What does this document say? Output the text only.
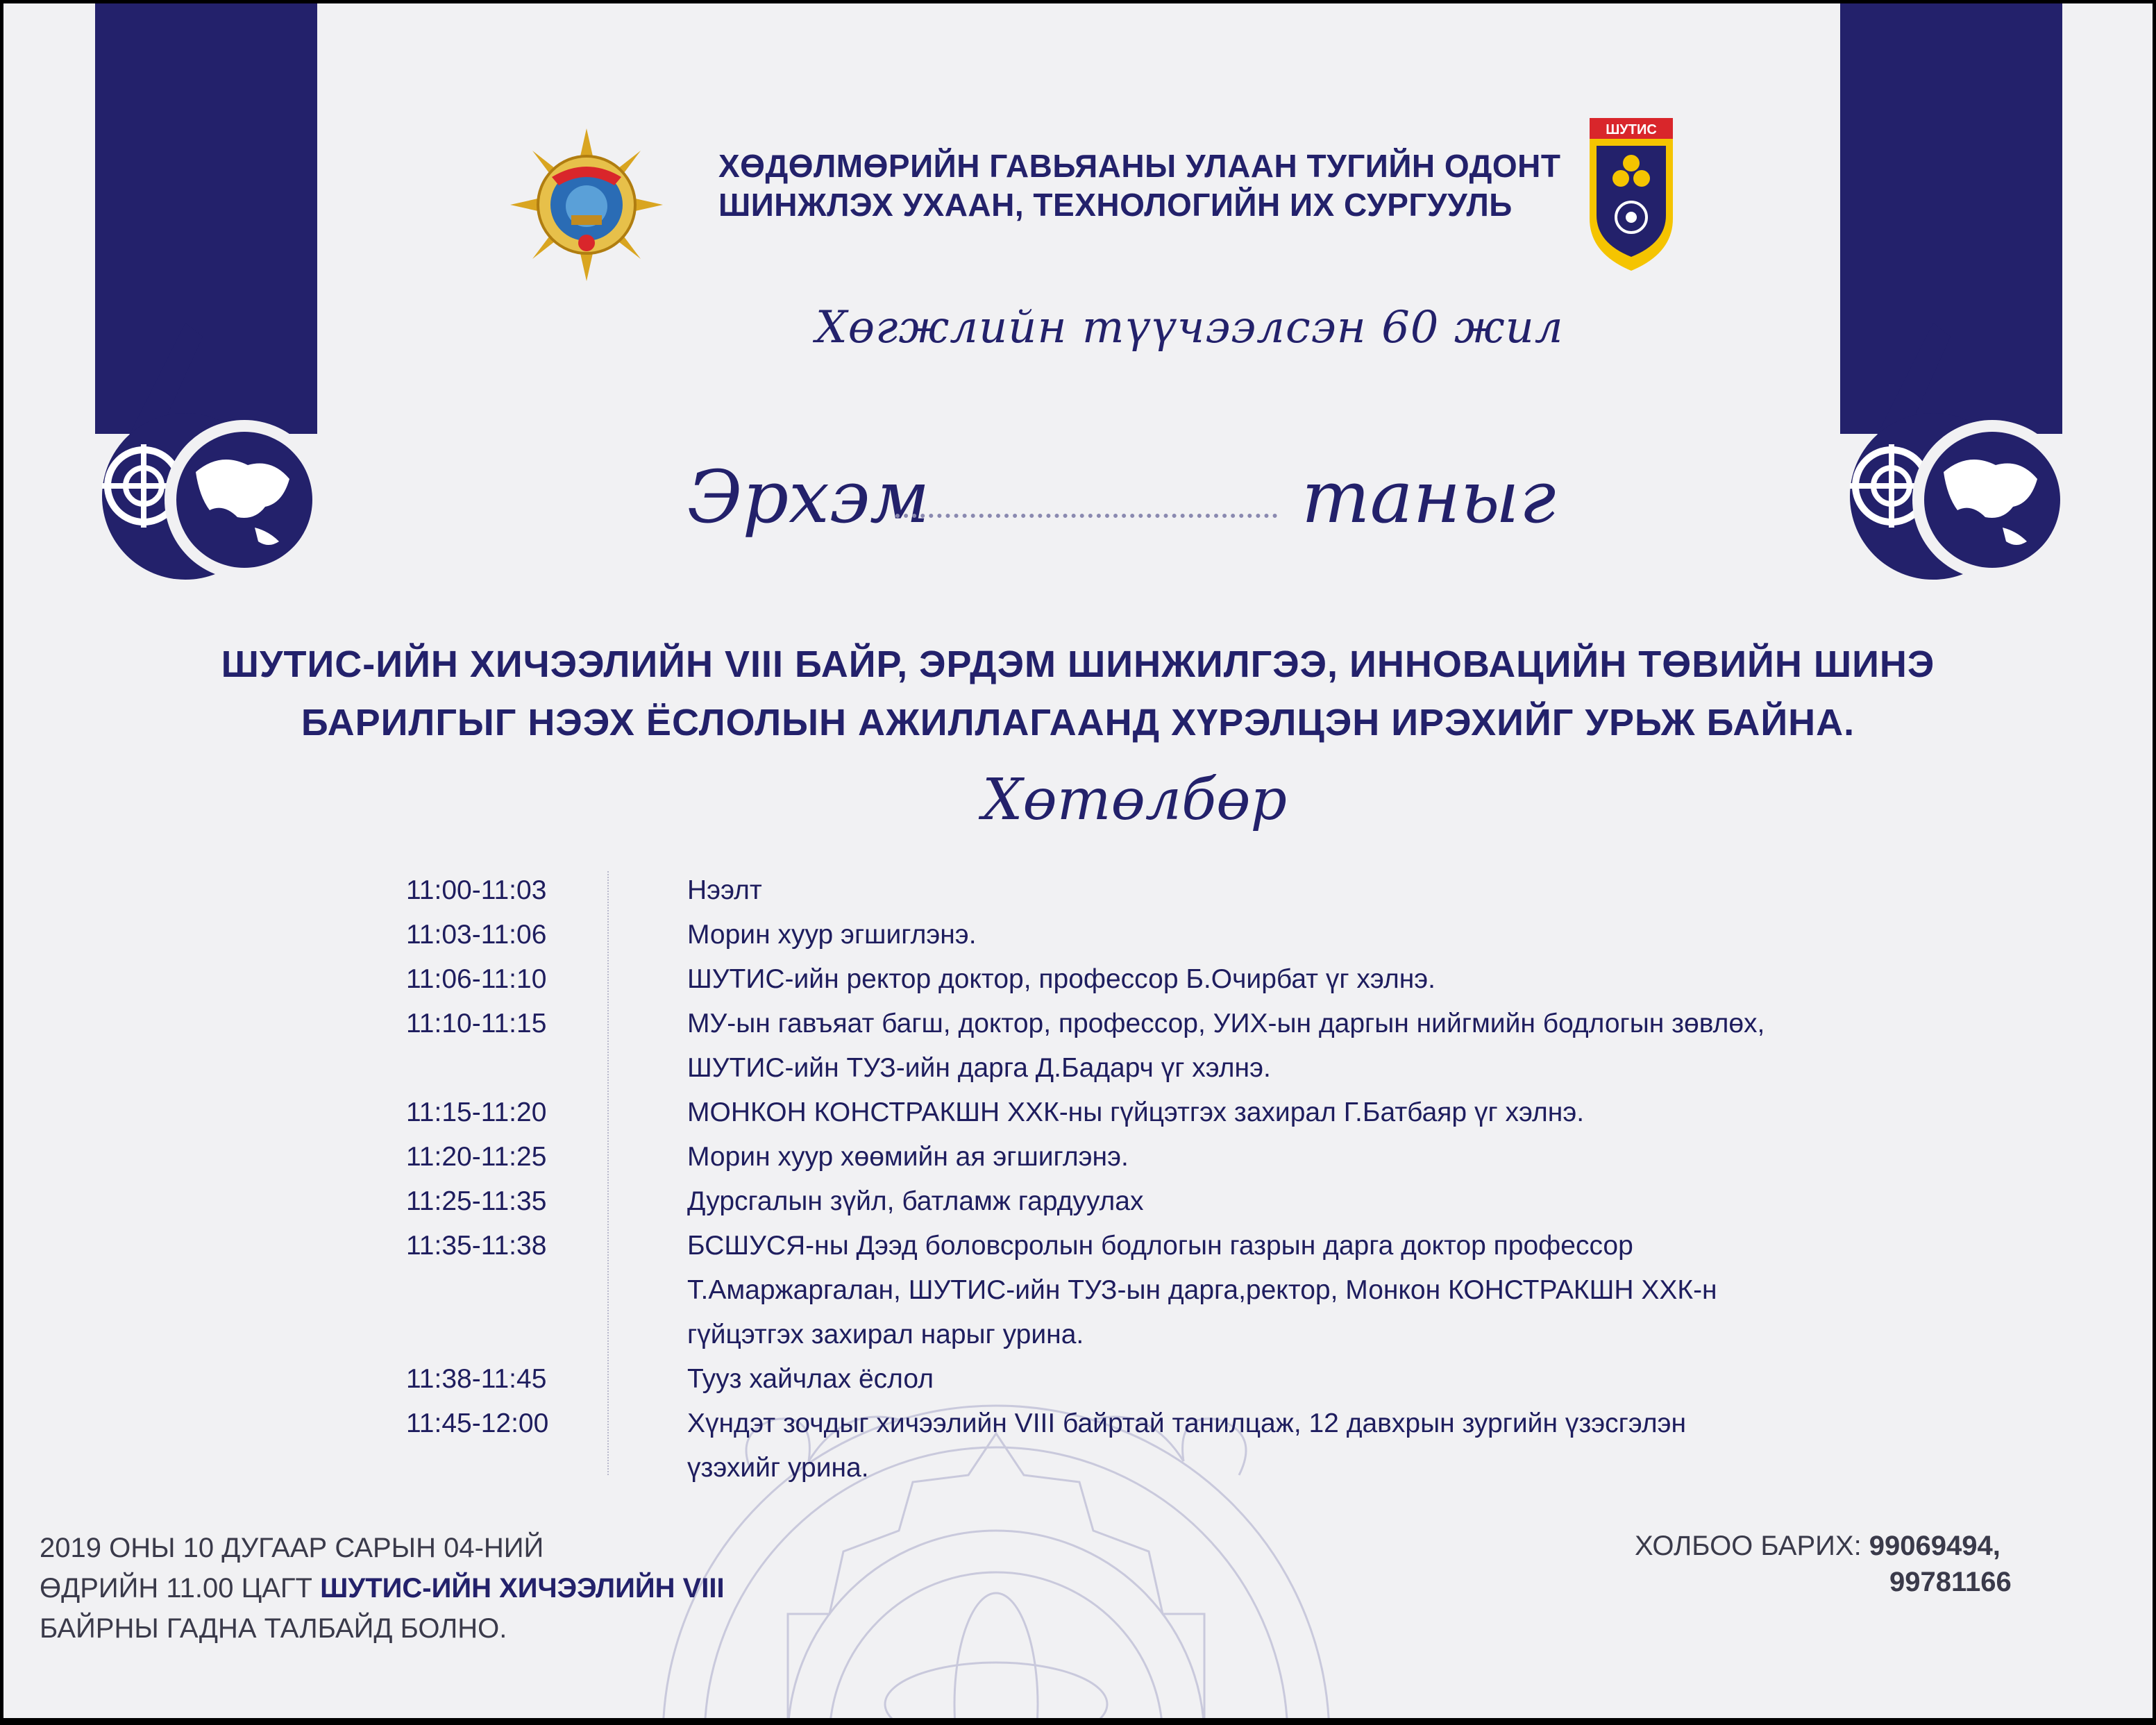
ХӨДӨЛМӨРИЙН ГАВЬЯАНЫ УЛААН ТУГИЙН ОДОНТ
ШИНЖЛЭХ УХААН, ТЕХНОЛОГИЙН ИХ СУРГУУЛЬ
ШУТИС
Хөгжлийн түүчээлсэн 60 жил
Эрхэм	таныг
ШУТИС-ИЙН ХИЧЭЭЛИЙН VIII БАЙР, ЭРДЭМ ШИНЖИЛГЭЭ, ИННОВАЦИЙН ТӨВИЙН ШИНЭ
БАРИЛГЫГ НЭЭХ ЁСЛОЛЫН АЖИЛЛАГААНД ХҮРЭЛЦЭН ИРЭХИЙГ УРЬЖ БАЙНА.
Хөтөлбөр
11:00-11:03	Нээлт
11:03-11:06	Морин хуур эгшиглэнэ.
11:06-11:10	ШУТИС-ийн ректор доктор, профессор Б.Очирбат үг хэлнэ.
11:10-11:15	МУ-ын гавъяат багш, доктор, профессор, УИХ-ын даргын нийгмийн бодлогын зөвлөх,
ШУТИС-ийн ТУЗ-ийн дарга Д.Бадарч үг хэлнэ.
11:15-11:20	МОНКОН КОНСТРАКШН ХХК-ны гүйцэтгэх захирал Г.Батбаяр үг хэлнэ.
11:20-11:25	Морин хуур хөөмийн ая эгшиглэнэ.
11:25-11:35	Дурсгалын зүйл, батламж гардуулах
11:35-11:38	БСШУСЯ-ны Дээд боловсролын бодлогын газрын дарга доктор профессор
Т.Амаржаргалан, ШУТИС-ийн ТУЗ-ын дарга,ректор, Монкон КОНСТРАКШН ХХК-н
гүйцэтгэх захирал нарыг урина.
11:38-11:45	Тууз хайчлах ёслол
11:45-12:00	Хүндэт зочдыг хичээлийн VIII байртай танилцаж, 12 давхрын зургийн үзэсгэлэн
үзэхийг урина.
2019 ОНЫ 10 ДУГААР САРЫН 04-НИЙ
ӨДРИЙН 11.00 ЦАГТ ШУТИС-ИЙН ХИЧЭЭЛИЙН VIII
БАЙРНЫ ГАДНА ТАЛБАЙД БОЛНО.
ХОЛБОО БАРИХ: 99069494,
99781166
